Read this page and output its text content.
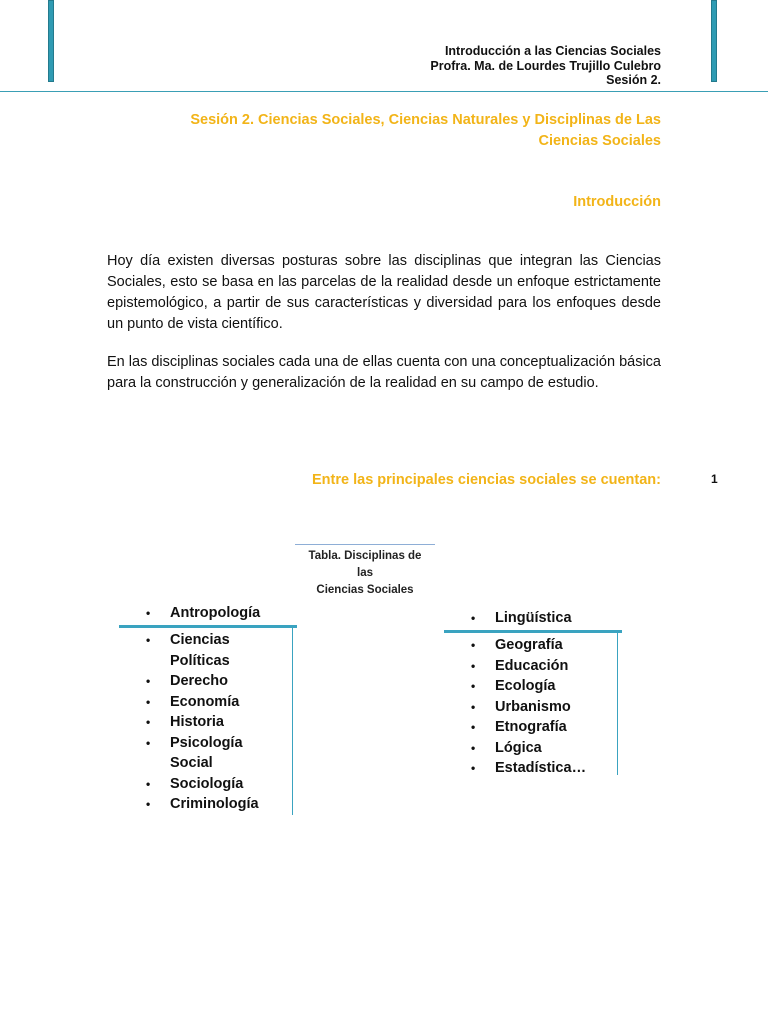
Introducción a las Ciencias Sociales
Profra. Ma. de Lourdes Trujillo Culebro
Sesión 2.
Sesión 2. Ciencias Sociales, Ciencias Naturales y Disciplinas de Las
Ciencias Sociales
Introducción

Hoy día existen diversas posturas sobre las disciplinas que integran las Ciencias Sociales, esto se basa en las parcelas de la realidad desde un enfoque estrictamente epistemológico, a partir de sus características y diversidad para los enfoques desde un punto de vista científico.

En las disciplinas sociales cada una de ellas cuenta con una conceptualización básica para la construcción y generalización de la realidad en su campo de estudio.

Entre las principales ciencias sociales se cuentan:	1
Tabla. Disciplinas de las
Ciencias Sociales
• Antropología
• Ciencias Políticas
• Derecho
• Economía
• Historia
• Psicología Social
• Sociología
• Criminología
• Lingüística
• Geografía
• Educación
• Ecología
• Urbanismo
• Etnografía
• Lógica
• Estadística…
